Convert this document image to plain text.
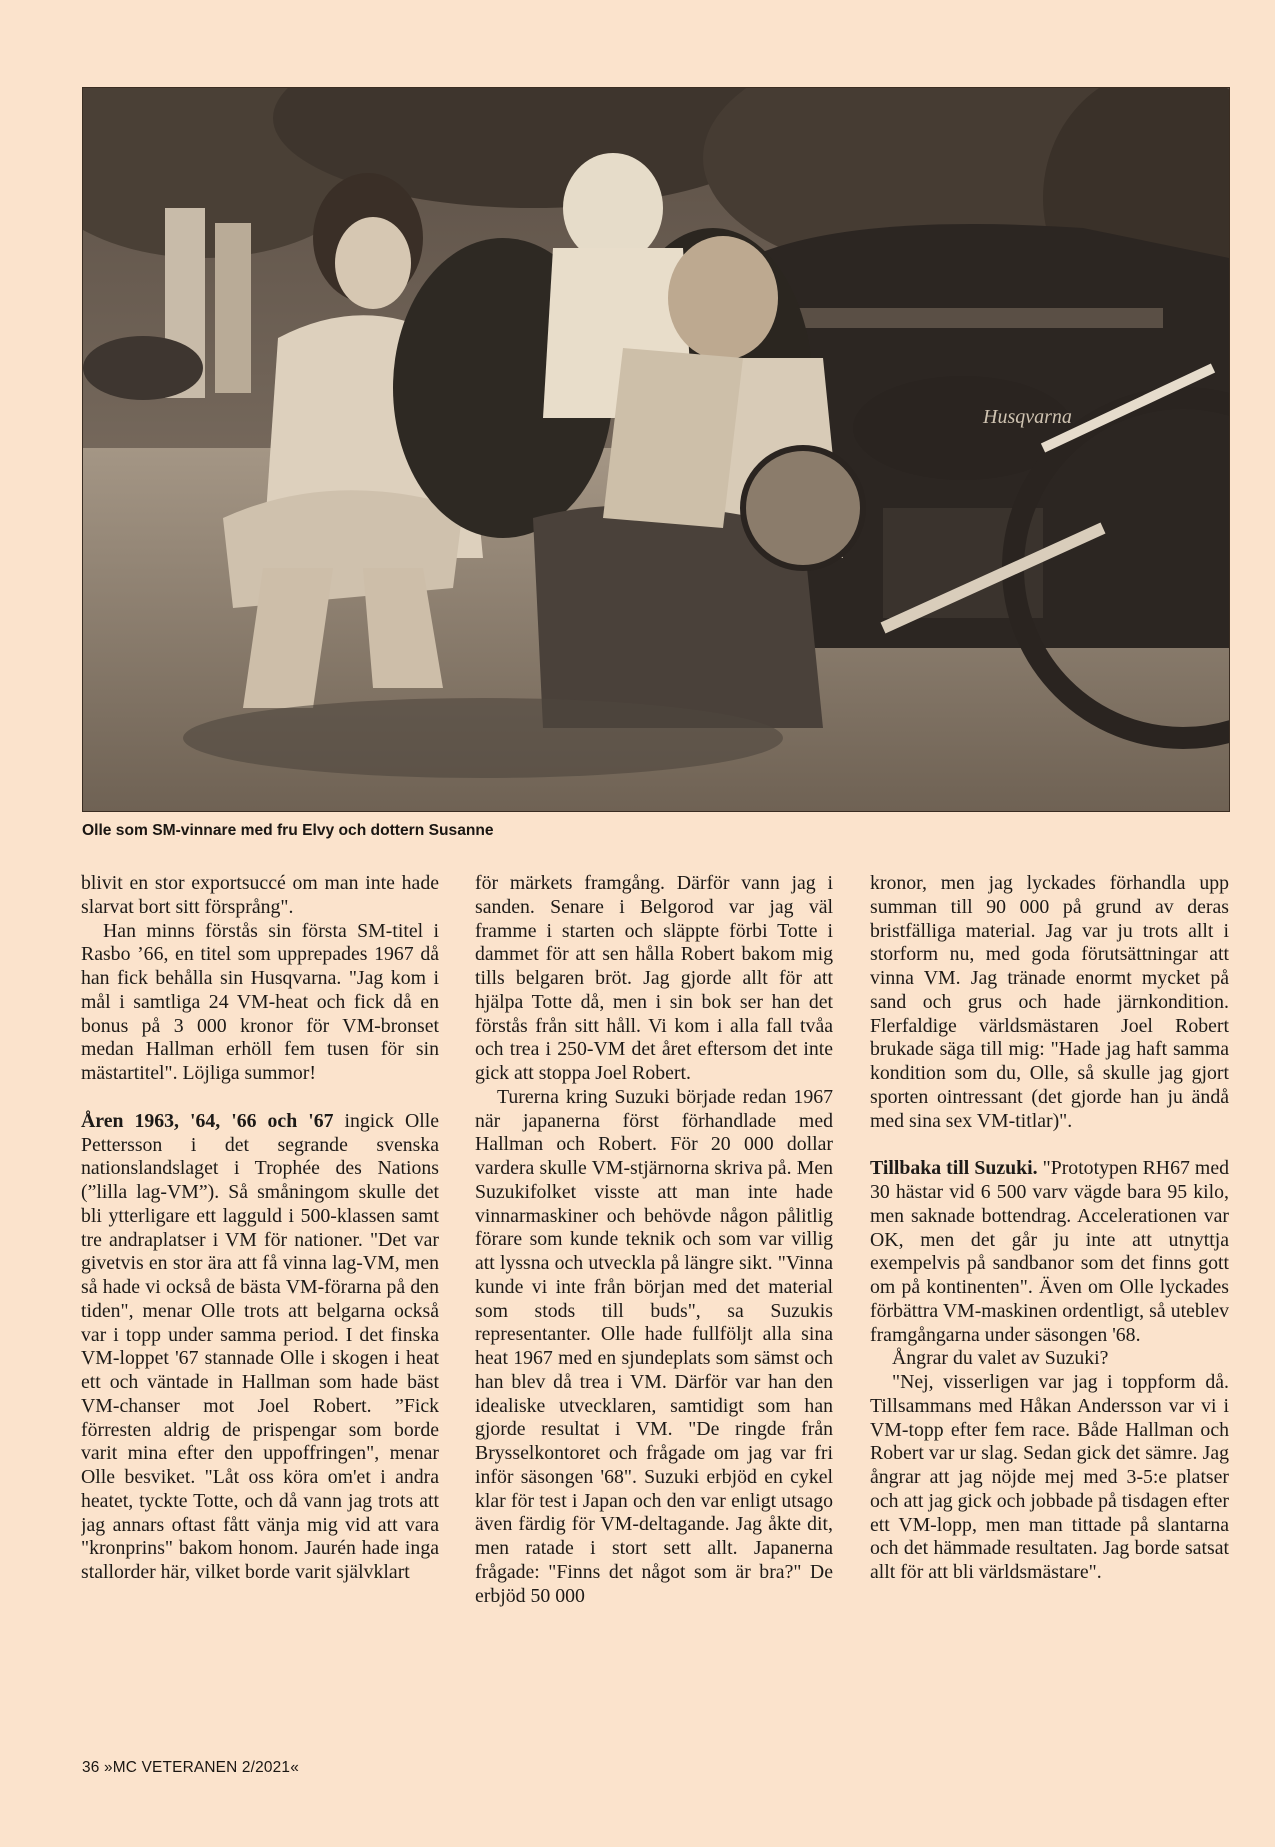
Husqvarna
Olle som SM-vinnare med fru Elvy och dottern Susanne

blivit en stor exportsuccé om man inte hade slarvat bort sitt försprång".

Han minns förstås sin första SM-titel i Rasbo ’66, en titel som upprepades 1967 då han fick behålla sin Husqvarna. "Jag kom i mål i samtliga 24 VM-heat och fick då en bonus på 3 000 kronor för VM-bronset medan Hallman erhöll fem tusen för sin mästartitel". Löjliga summor!

Åren 1963, '64, '66 och '67 ingick Olle Pettersson i det segrande svenska nationslandslaget i Trophée des Nations (”lilla lag-VM”). Så småningom skulle det bli ytterligare ett lagguld i 500-klassen samt tre andraplatser i VM för nationer. "Det var givetvis en stor ära att få vinna lag-VM, men så hade vi också de bästa VM-förarna på den tiden", menar Olle trots att belgarna också var i topp under samma period. I det finska VM-loppet '67 stannade Olle i skogen i heat ett och väntade in Hallman som hade bäst VM-chanser mot Joel Robert. ”Fick förresten aldrig de prispengar som borde varit mina efter den uppoffringen", menar Olle besviket. "Låt oss köra om'et i andra heatet, tyckte Totte, och då vann jag trots att jag annars oftast fått vänja mig vid att vara "kronprins" bakom honom. Jaurén hade inga stallorder här, vilket borde varit självklart

för märkets framgång. Därför vann jag i sanden. Senare i Belgorod var jag väl framme i starten och släppte förbi Totte i dammet för att sen hålla Robert bakom mig tills belgaren bröt. Jag gjorde allt för att hjälpa Totte då, men i sin bok ser han det förstås från sitt håll. Vi kom i alla fall tvåa och trea i 250-VM det året eftersom det inte gick att stoppa Joel Robert.

Turerna kring Suzuki började redan 1967 när japanerna först förhandlade med Hallman och Robert. För 20 000 dollar vardera skulle VM-stjärnorna skriva på. Men Suzukifolket visste att man inte hade vinnarmaskiner och behövde någon pålitlig förare som kunde teknik och som var villig att lyssna och utveckla på längre sikt. "Vinna kunde vi inte från början med det material som stods till buds", sa Suzukis representanter. Olle hade fullföljt alla sina heat 1967 med en sjundeplats som sämst och han blev då trea i VM. Därför var han den idealiske utvecklaren, samtidigt som han gjorde resultat i VM. "De ringde från Brysselkontoret och frågade om jag var fri inför säsongen '68". Suzuki erbjöd en cykel klar för test i Japan och den var enligt utsago även färdig för VM-deltagande. Jag åkte dit, men ratade i stort sett allt. Japanerna frågade: "Finns det något som är bra?" De erbjöd 50 000

kronor, men jag lyckades förhandla upp summan till 90 000 på grund av deras bristfälliga material. Jag var ju trots allt i storform nu, med goda förutsättningar att vinna VM. Jag tränade enormt mycket på sand och grus och hade järnkondition. Flerfaldige världsmästaren Joel Robert brukade säga till mig: "Hade jag haft samma kondition som du, Olle, så skulle jag gjort sporten ointressant (det gjorde han ju ändå med sina sex VM-titlar)".

Tillbaka till Suzuki. "Prototypen RH67 med 30 hästar vid 6 500 varv vägde bara 95 kilo, men saknade bottendrag. Accelerationen var OK, men det går ju inte att utnyttja exempelvis på sandbanor som det finns gott om på kontinenten". Även om Olle lyckades förbättra VM-maskinen ordentligt, så uteblev framgångarna under säsongen '68.

Ångrar du valet av Suzuki?

"Nej, visserligen var jag i toppform då. Tillsammans med Håkan Andersson var vi i VM-topp efter fem race. Både Hallman och Robert var ur slag. Sedan gick det sämre. Jag ångrar att jag nöjde mej med 3-5:e platser och att jag gick och jobbade på tisdagen efter ett VM-lopp, men man tittade på slantarna och det hämmade resultaten. Jag borde satsat allt för att bli världsmästare".

36 »MC VETERANEN 2/2021«
